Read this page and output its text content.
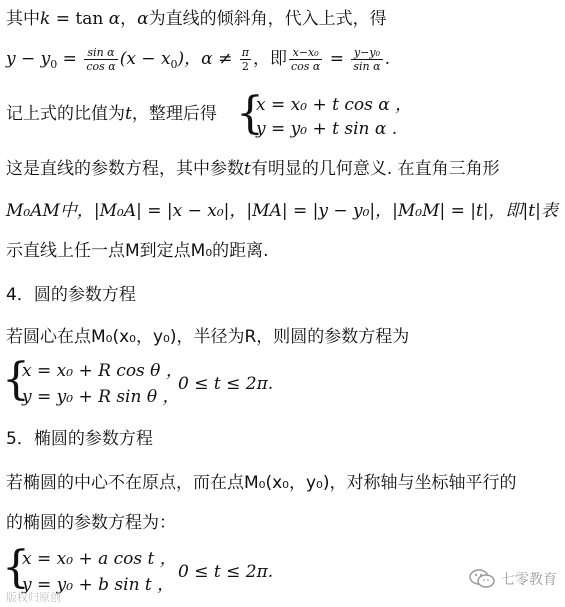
其中k = tan α，α为直线的倾斜角，代入上式，得
$y - y_0 = \frac{\text{sin α}}{\text{cos α}} (x - x_0)$，$\alpha \ne \frac{\pi}{2}$ ，即 $\frac{\text{x−x₀}}{\text{cos α}} = \frac{\text{y−y₀}}{\text{sin α}}$ .
记上式的比值为t，整理后得 {
x = x₀ + t cos α ，
y = y₀ + t sin α .
这是直线的参数方程，其中参数t有明显的几何意义. 在直角三角形
M₀AM中，|M₀A| = |x − x₀|，|MA| = |y − y₀|，|M₀M| = |t|，即|t|表
示直线上任一点M到定点M₀的距离.
4．圆的参数方程
若圆心在点M₀(x₀，y₀)，半径为R，则圆的参数方程为
{
x = x₀ + R cos θ ，
y = y₀ + R sin θ ，
0 ≤ t ≤ 2π.
5．椭圆的参数方程
若椭圆的中心不在原点，而在点M₀(x₀，y₀)，对称轴与坐标轴平行的
的椭圆的参数方程为：
{
x = x₀ + a cos t ，
y = y₀ + b sin t ，
0 ≤ t ≤ 2π.
版权归原创
七零教育
